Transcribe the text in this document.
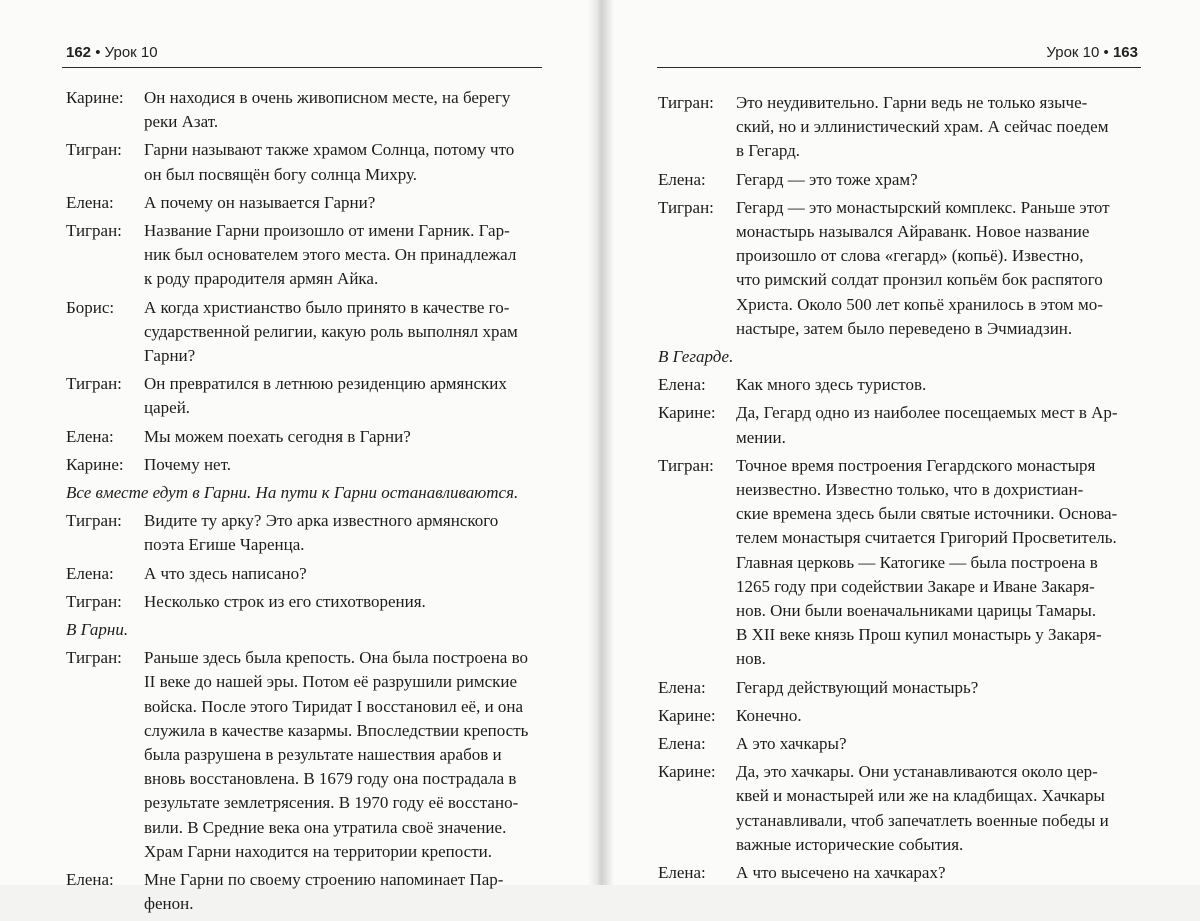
162 • Урок 10
Карине:	Он находися в очень живописном месте, на берегу
реки Азат.
Тигран:	Гарни называют также храмом Солнца, потому что
он был посвящён богу солнца Михру.
Елена:	А почему он называется Гарни?
Тигран:	Название Гарни произошло от имени Гарник. Гар-
ник был основателем этого места. Он принадлежал
к роду прародителя армян Айка.
Борис:	А когда христианство было принято в качестве го-
сударственной религии, какую роль выполнял храм
Гарни?
Тигран:	Он превратился в летнюю резиденцию армянских
царей.
Елена:	Мы можем поехать сегодня в Гарни?
Карине:	Почему нет.
Все вместе едут в Гарни. На пути к Гарни останавливаются.
Тигран:	Видите ту арку? Это арка известного армянского
поэта Егише Чаренца.
Елена:	А что здесь написано?
Тигран:	Несколько строк из его стихотворения.
В Гарни.
Тигран:	Раньше здесь была крепость. Она была построена во
II веке до нашей эры. Потом её разрушили римские
войска. После этого Тиридат I восстановил её, и она
служила в качестве казармы. Впоследствии крепость
была разрушена в результате нашествия арабов и
вновь восстановлена. В 1679 году она пострадала в
результате землетрясения. В 1970 году её восстано-
вили. В Средние века она утратила своё значение.
Храм Гарни находится на территории крепости.
Елена:	Мне Гарни по своему строению напоминает Пар-
фенон.
Урок 10 • 163
Тигран:	Это неудивительно. Гарни ведь не только языче-
ский, но и эллинистический храм. А сейчас поедем
в Гегард.
Елена:	Гегард — это тоже храм?
Тигран:	Гегард — это монастырский комплекс. Раньше этот
монастырь назывался Айраванк. Новое название
произошло от слова «гегард» (копьё). Известно,
что римский солдат пронзил копьём бок распятого
Христа. Около 500 лет копьё хранилось в этом мо-
настыре, затем было переведено в Эчмиадзин.
В Гегарде.
Елена:	Как много здесь туристов.
Карине:	Да, Гегард одно из наиболее посещаемых мест в Ар-
мении.
Тигран:	Точное время построения Гегардского монастыря
неизвестно. Известно только, что в дохристиан-
ские времена здесь были святые источники. Основа-
телем монастыря считается Григорий Просветитель.
Главная церковь — Катогике — была построена в
1265 году при содействии Закаре и Иване Закаря-
нов. Они были военачальниками царицы Тамары.
В XII веке князь Прош купил монастырь у Закаря-
нов.
Елена:	Гегард действующий монастырь?
Карине:	Конечно.
Елена:	А это хачкары?
Карине:	Да, это хачкары. Они устанавливаются около цер-
квей и монастырей или же на кладбищах. Хачкары
устанавливали, чтоб запечатлеть военные победы и
важные исторические события.
Елена:	А что высечено на хачкарах?
